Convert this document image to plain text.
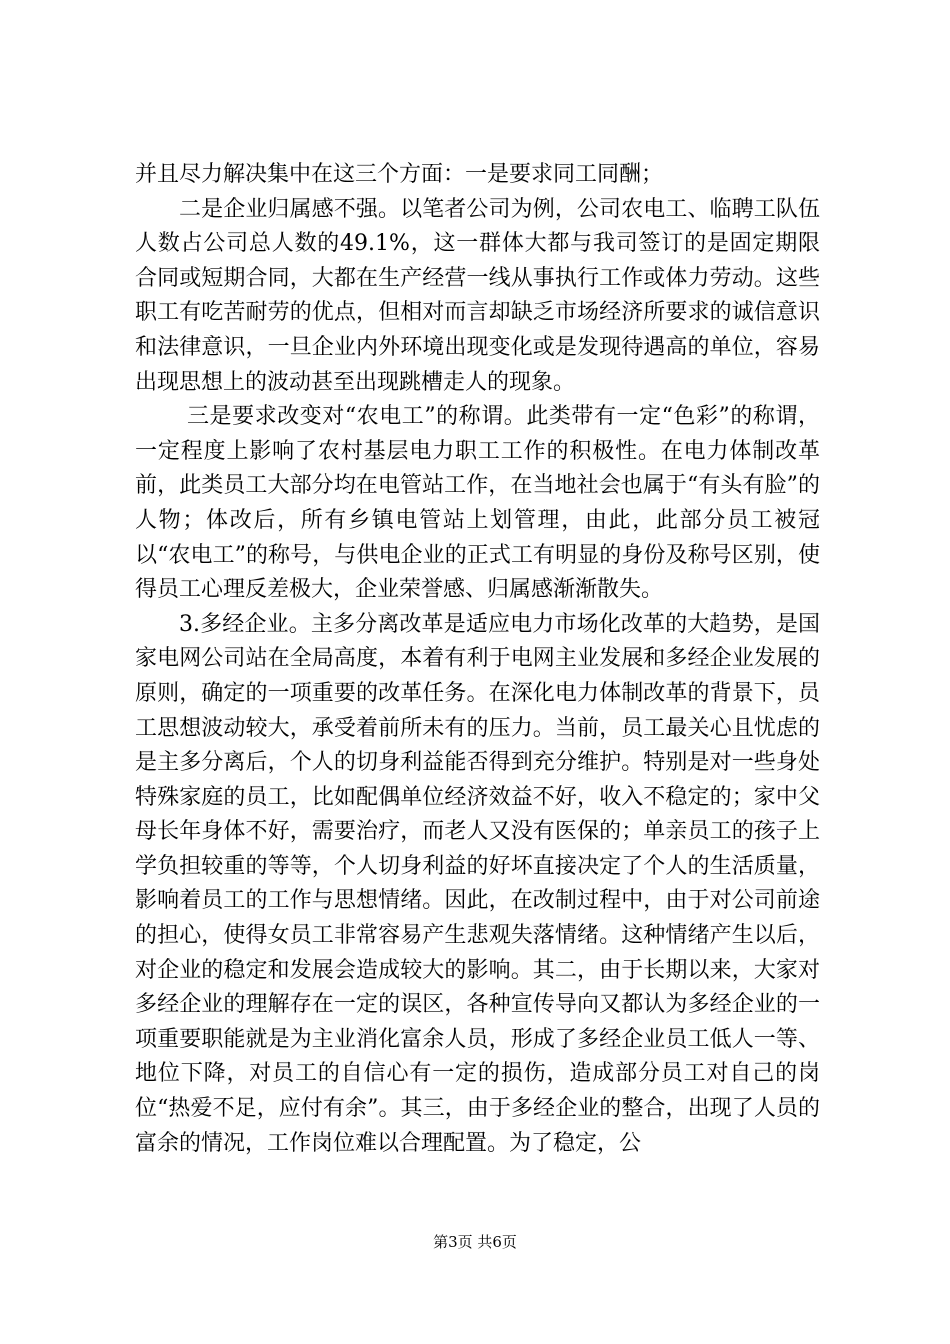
并且尽力解决集中在这三个方面：一是要求同工同酬；

二是企业归属感不强。以笔者公司为例，公司农电工、临聘工队伍人数占公司总人数的49.1%，这一群体大都与我司签订的是固定期限合同或短期合同，大都在生产经营一线从事执行工作或体力劳动。这些职工有吃苦耐劳的优点，但相对而言却缺乏市场经济所要求的诚信意识和法律意识，一旦企业内外环境出现变化或是发现待遇高的单位，容易出现思想上的波动甚至出现跳槽走人的现象。

三是要求改变对“农电工”的称谓。此类带有一定“色彩”的称谓，一定程度上影响了农村基层电力职工工作的积极性。在电力体制改革前，此类员工大部分均在电管站工作，在当地社会也属于“有头有脸”的人物；体改后，所有乡镇电管站上划管理，由此，此部分员工被冠以“农电工”的称号，与供电企业的正式工有明显的身份及称号区别，使得员工心理反差极大，企业荣誉感、归属感渐渐散失。

3.多经企业。主多分离改革是适应电力市场化改革的大趋势，是国家电网公司站在全局高度，本着有利于电网主业发展和多经企业发展的原则，确定的一项重要的改革任务。在深化电力体制改革的背景下，员工思想波动较大，承受着前所未有的压力。当前，员工最关心且忧虑的是主多分离后，个人的切身利益能否得到充分维护。特别是对一些身处特殊家庭的员工，比如配偶单位经济效益不好，收入不稳定的；家中父母长年身体不好，需要治疗，而老人又没有医保的；单亲员工的孩子上学负担较重的等等，个人切身利益的好坏直接决定了个人的生活质量，影响着员工的工作与思想情绪。因此，在改制过程中，由于对公司前途的担心，使得女员工非常容易产生悲观失落情绪。这种情绪产生以后，对企业的稳定和发展会造成较大的影响。其二，由于长期以来，大家对多经企业的理解存在一定的误区，各种宣传导向又都认为多经企业的一项重要职能就是为主业消化富余人员，形成了多经企业员工低人一等、地位下降，对员工的自信心有一定的损伤，造成部分员工对自己的岗位“热爱不足，应付有余”。其三，由于多经企业的整合，出现了人员的富余的情况，工作岗位难以合理配置。为了稳定，公

第3页 共6页
